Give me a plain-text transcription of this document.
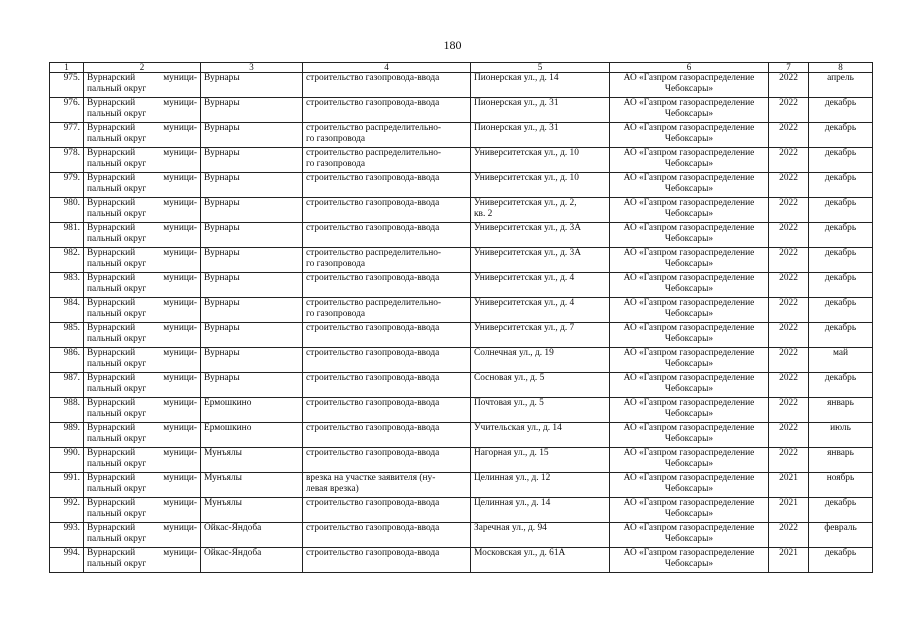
180
1	2	3	4	5	6	7	8
975.	Вурнарский муници-
пальный округ	Вурнары	строительство газопровода-ввода	Пионерская ул., д. 14	АО «Газпром газораспределение
Чебоксары»	2022	апрель
976.	Вурнарский муници-
пальный округ	Вурнары	строительство газопровода-ввода	Пионерская ул., д. 31	АО «Газпром газораспределение
Чебоксары»	2022	декабрь
977.	Вурнарский муници-
пальный округ	Вурнары	строительство распределительно-
го газопровода	Пионерская ул., д. 31	АО «Газпром газораспределение
Чебоксары»	2022	декабрь
978.	Вурнарский муници-
пальный округ	Вурнары	строительство распределительно-
го газопровода	Университетская ул., д. 10	АО «Газпром газораспределение
Чебоксары»	2022	декабрь
979.	Вурнарский муници-
пальный округ	Вурнары	строительство газопровода-ввода	Университетская ул., д. 10	АО «Газпром газораспределение
Чебоксары»	2022	декабрь
980.	Вурнарский муници-
пальный округ	Вурнары	строительство газопровода-ввода	Университетская ул., д. 2,
кв. 2	АО «Газпром газораспределение
Чебоксары»	2022	декабрь
981.	Вурнарский муници-
пальный округ	Вурнары	строительство газопровода-ввода	Университетская ул., д. 3А	АО «Газпром газораспределение
Чебоксары»	2022	декабрь
982.	Вурнарский муници-
пальный округ	Вурнары	строительство распределительно-
го газопровода	Университетская ул., д. 3А	АО «Газпром газораспределение
Чебоксары»	2022	декабрь
983.	Вурнарский муници-
пальный округ	Вурнары	строительство газопровода-ввода	Университетская ул., д. 4	АО «Газпром газораспределение
Чебоксары»	2022	декабрь
984.	Вурнарский муници-
пальный округ	Вурнары	строительство распределительно-
го газопровода	Университетская ул., д. 4	АО «Газпром газораспределение
Чебоксары»	2022	декабрь
985.	Вурнарский муници-
пальный округ	Вурнары	строительство газопровода-ввода	Университетская ул., д. 7	АО «Газпром газораспределение
Чебоксары»	2022	декабрь
986.	Вурнарский муници-
пальный округ	Вурнары	строительство газопровода-ввода	Солнечная ул., д. 19	АО «Газпром газораспределение
Чебоксары»	2022	май
987.	Вурнарский муници-
пальный округ	Вурнары	строительство газопровода-ввода	Сосновая ул., д. 5	АО «Газпром газораспределение
Чебоксары»	2022	декабрь
988.	Вурнарский муници-
пальный округ	Ермошкино	строительство газопровода-ввода	Почтовая ул., д. 5	АО «Газпром газораспределение
Чебоксары»	2022	январь
989.	Вурнарский муници-
пальный округ	Ермошкино	строительство газопровода-ввода	Учительская ул., д. 14	АО «Газпром газораспределение
Чебоксары»	2022	июль
990.	Вурнарский муници-
пальный округ	Мунъялы	строительство газопровода-ввода	Нагорная ул., д. 15	АО «Газпром газораспределение
Чебоксары»	2022	январь
991.	Вурнарский муници-
пальный округ	Мунъялы	врезка на участке заявителя (ну-
левая врезка)	Целинная ул., д. 12	АО «Газпром газораспределение
Чебоксары»	2021	ноябрь
992.	Вурнарский муници-
пальный округ	Мунъялы	строительство газопровода-ввода	Целинная ул., д. 14	АО «Газпром газораспределение
Чебоксары»	2021	декабрь
993.	Вурнарский муници-
пальный округ	Ойкас-Яндоба	строительство газопровода-ввода	Заречная ул., д. 94	АО «Газпром газораспределение
Чебоксары»	2022	февраль
994.	Вурнарский муници-
пальный округ	Ойкас-Яндоба	строительство газопровода-ввода	Московская ул., д. 61А	АО «Газпром газораспределение
Чебоксары»	2021	декабрь
